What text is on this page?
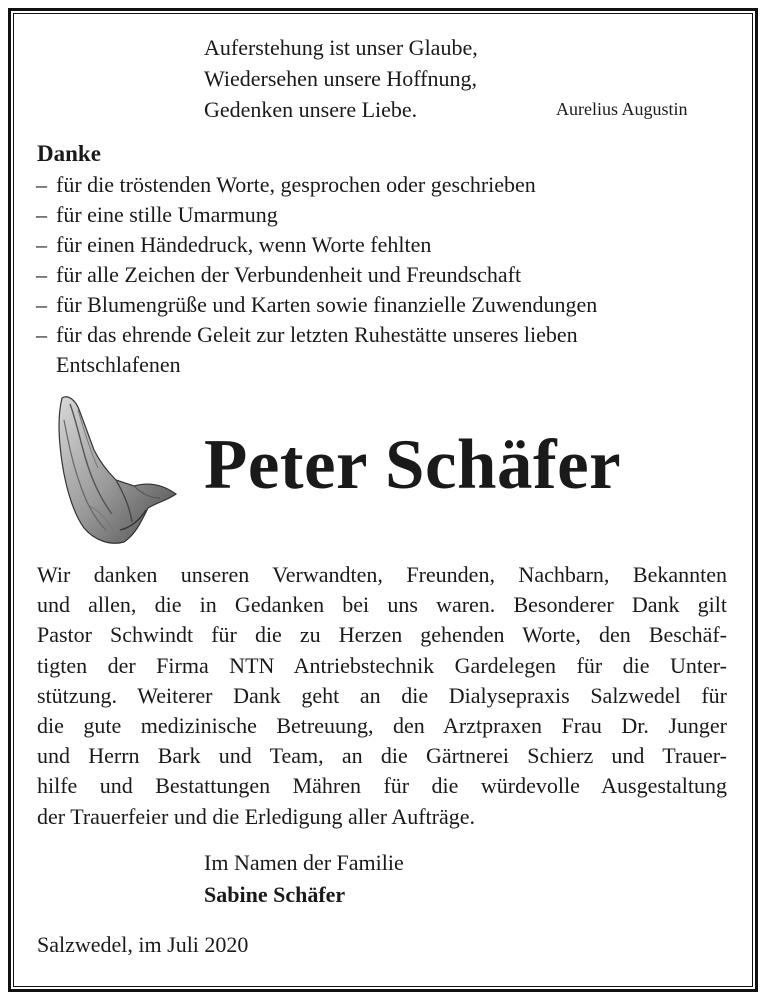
Auferstehung ist unser Glaube,
Wiedersehen unsere Hoffnung,
Gedenken unsere Liebe.	Aurelius Augustin
Danke
– für die tröstenden Worte, gesprochen oder geschrieben
– für eine stille Umarmung
– für einen Händedruck, wenn Worte fehlten
– für alle Zeichen der Verbundenheit und Freundschaft
– für Blumengrüße und Karten sowie finanzielle Zuwendungen
– für das ehrende Geleit zur letzten Ruhestätte unseres lieben
Entschlafenen
Peter Schäfer
Wir danken unseren Verwandten, Freunden, Nachbarn, Bekannten
und allen, die in Gedanken bei uns waren. Besonderer Dank gilt
Pastor Schwindt für die zu Herzen gehenden Worte, den Beschäf-
tigten der Firma NTN Antriebstechnik Gardelegen für die Unter-
stützung. Weiterer Dank geht an die Dialysepraxis Salzwedel für
die gute medizinische Betreuung, den Arztpraxen Frau Dr. Junger
und Herrn Bark und Team, an die Gärtnerei Schierz und Trauer-
hilfe und Bestattungen Mähren für die würdevolle Ausgestaltung
der Trauerfeier und die Erledigung aller Aufträge.
Im Namen der Familie
Sabine Schäfer
Salzwedel, im Juli 2020
